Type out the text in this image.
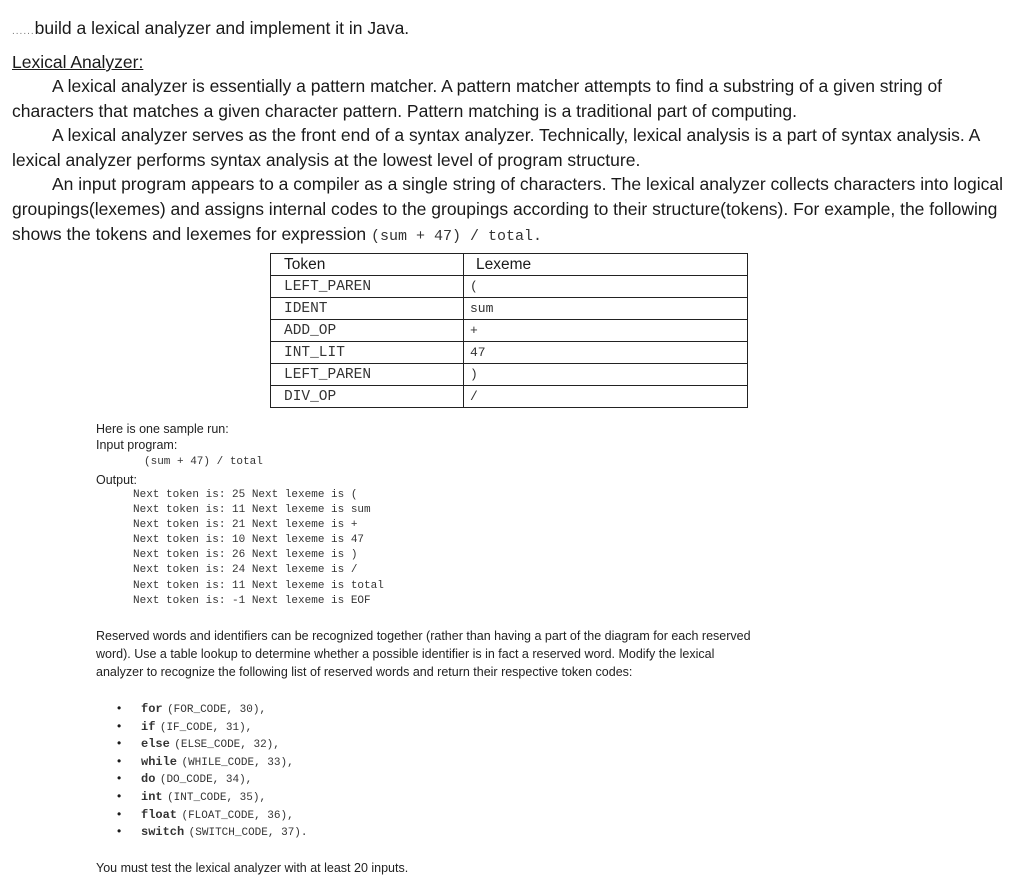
......build a lexical analyzer and implement it in Java.
Lexical Analyzer:

A lexical analyzer is essentially a pattern matcher. A pattern matcher attempts to find a substring of a given string of characters that matches a given character pattern. Pattern matching is a traditional part of computing.

A lexical analyzer serves as the front end of a syntax analyzer. Technically, lexical analysis is a part of syntax analysis. A lexical analyzer performs syntax analysis at the lowest level of program structure.

An input program appears to a compiler as a single string of characters. The lexical analyzer collects characters into logical groupings(lexemes) and assigns internal codes to the groupings according to their structure(tokens). For example, the following shows the tokens and lexemes for expression (sum + 47) / total.

Token	Lexeme
LEFT_PAREN	(
IDENT	sum
ADD_OP	+
INT_LIT	47
LEFT_PAREN	)
DIV_OP	/
Here is one sample run:
Input program:
(sum + 47) / total
Output:
Next token is: 25 Next lexeme is (
Next token is: 11 Next lexeme is sum
Next token is: 21 Next lexeme is +
Next token is: 10 Next lexeme is 47
Next token is: 26 Next lexeme is )
Next token is: 24 Next lexeme is /
Next token is: 11 Next lexeme is total
Next token is: -1 Next lexeme is EOF
Reserved words and identifiers can be recognized together (rather than having a part of the diagram for each reserved word). Use a table lookup to determine whether a possible identifier is in fact a reserved word. Modify the lexical analyzer to recognize the following list of reserved words and return their respective token codes:
• for (FOR_CODE, 30),
• if (IF_CODE, 31),
• else (ELSE_CODE, 32),
• while (WHILE_CODE, 33),
• do (DO_CODE, 34),
• int (INT_CODE, 35),
• float (FLOAT_CODE, 36),
• switch (SWITCH_CODE, 37).
You must test the lexical analyzer with at least 20 inputs.
